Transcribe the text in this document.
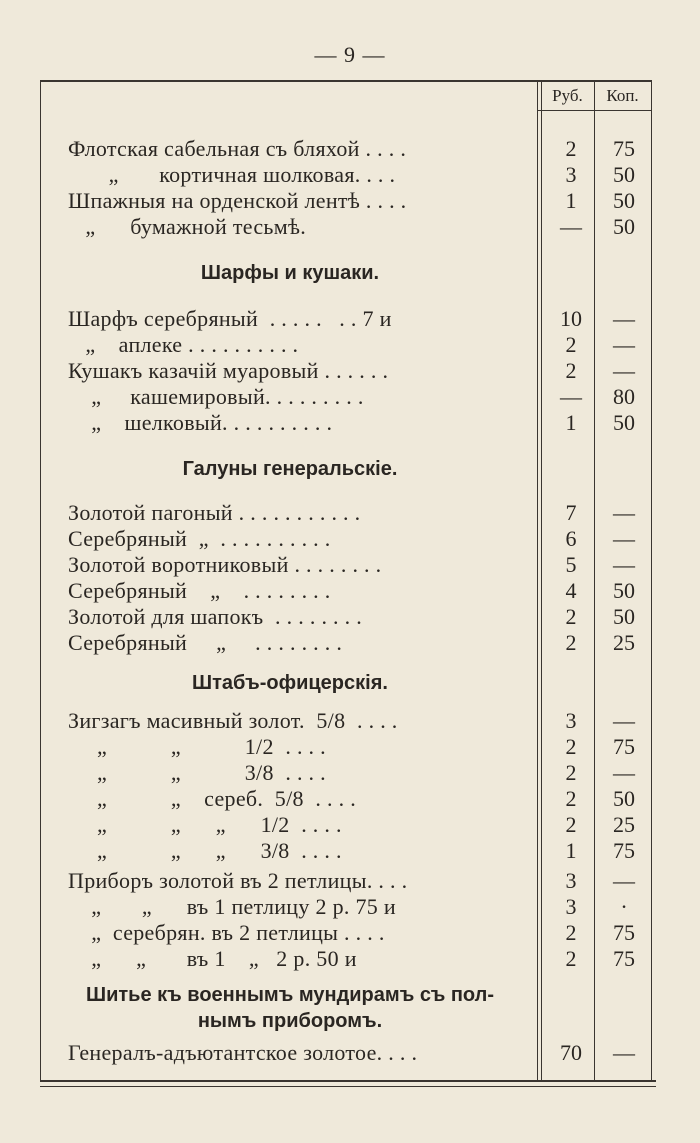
— 9 —
Руб.	Коп.
Флотская сабельная съ бляхой . . . .	2	75
„       кортичная шолковая. . . .	3	50
Шпажныя на орденской лентѣ . . . .	1	50
„      бумажной тесьмѣ.	—	50
Шарфы и кушаки.
Шарфъ серебряный  . . . . .   . . 7 и	10	—
„    аплеке . . . . . . . . . .	2	—
Кушакъ казачій муаровый . . . . . .	2	—
„     кашемировый. . . . . . . . .	—	80
„    шелковый. . . . . . . . . .	1	50
Галуны генеральскіе.
Золотой пагоный . . . . . . . . . . .	7	—
Серебряный  „  . . . . . . . . . .	6	—
Золотой воротниковый . . . . . . . .	5	—
Серебряный    „    . . . . . . . .	4	50
Золотой для шапокъ  . . . . . . . .	2	50
Серебряный     „     . . . . . . . .	2	25
Штабъ-офицерскія.
Зигзагъ масивный золот.  5/8  . . . .	3	—
„           „           1/2  . . . .	2	75
„           „           3/8  . . . .	2	—
„           „    сереб.  5/8  . . . .	2	50
„           „      „      1/2  . . . .	2	25
„           „      „      3/8  . . . .	1	75
Приборъ золотой въ 2 петлицы. . . .	3	—
„       „      въ 1 петлицу 2 р. 75 и	3	·
„  серебрян. въ 2 петлицы . . . .	2	75
„      „       въ 1    „   2 р. 50 и	2	75
Шитье къ военнымъ мундирамъ съ пол-
нымъ приборомъ.
Генералъ-адъютантское золотое. . . .	70	—
